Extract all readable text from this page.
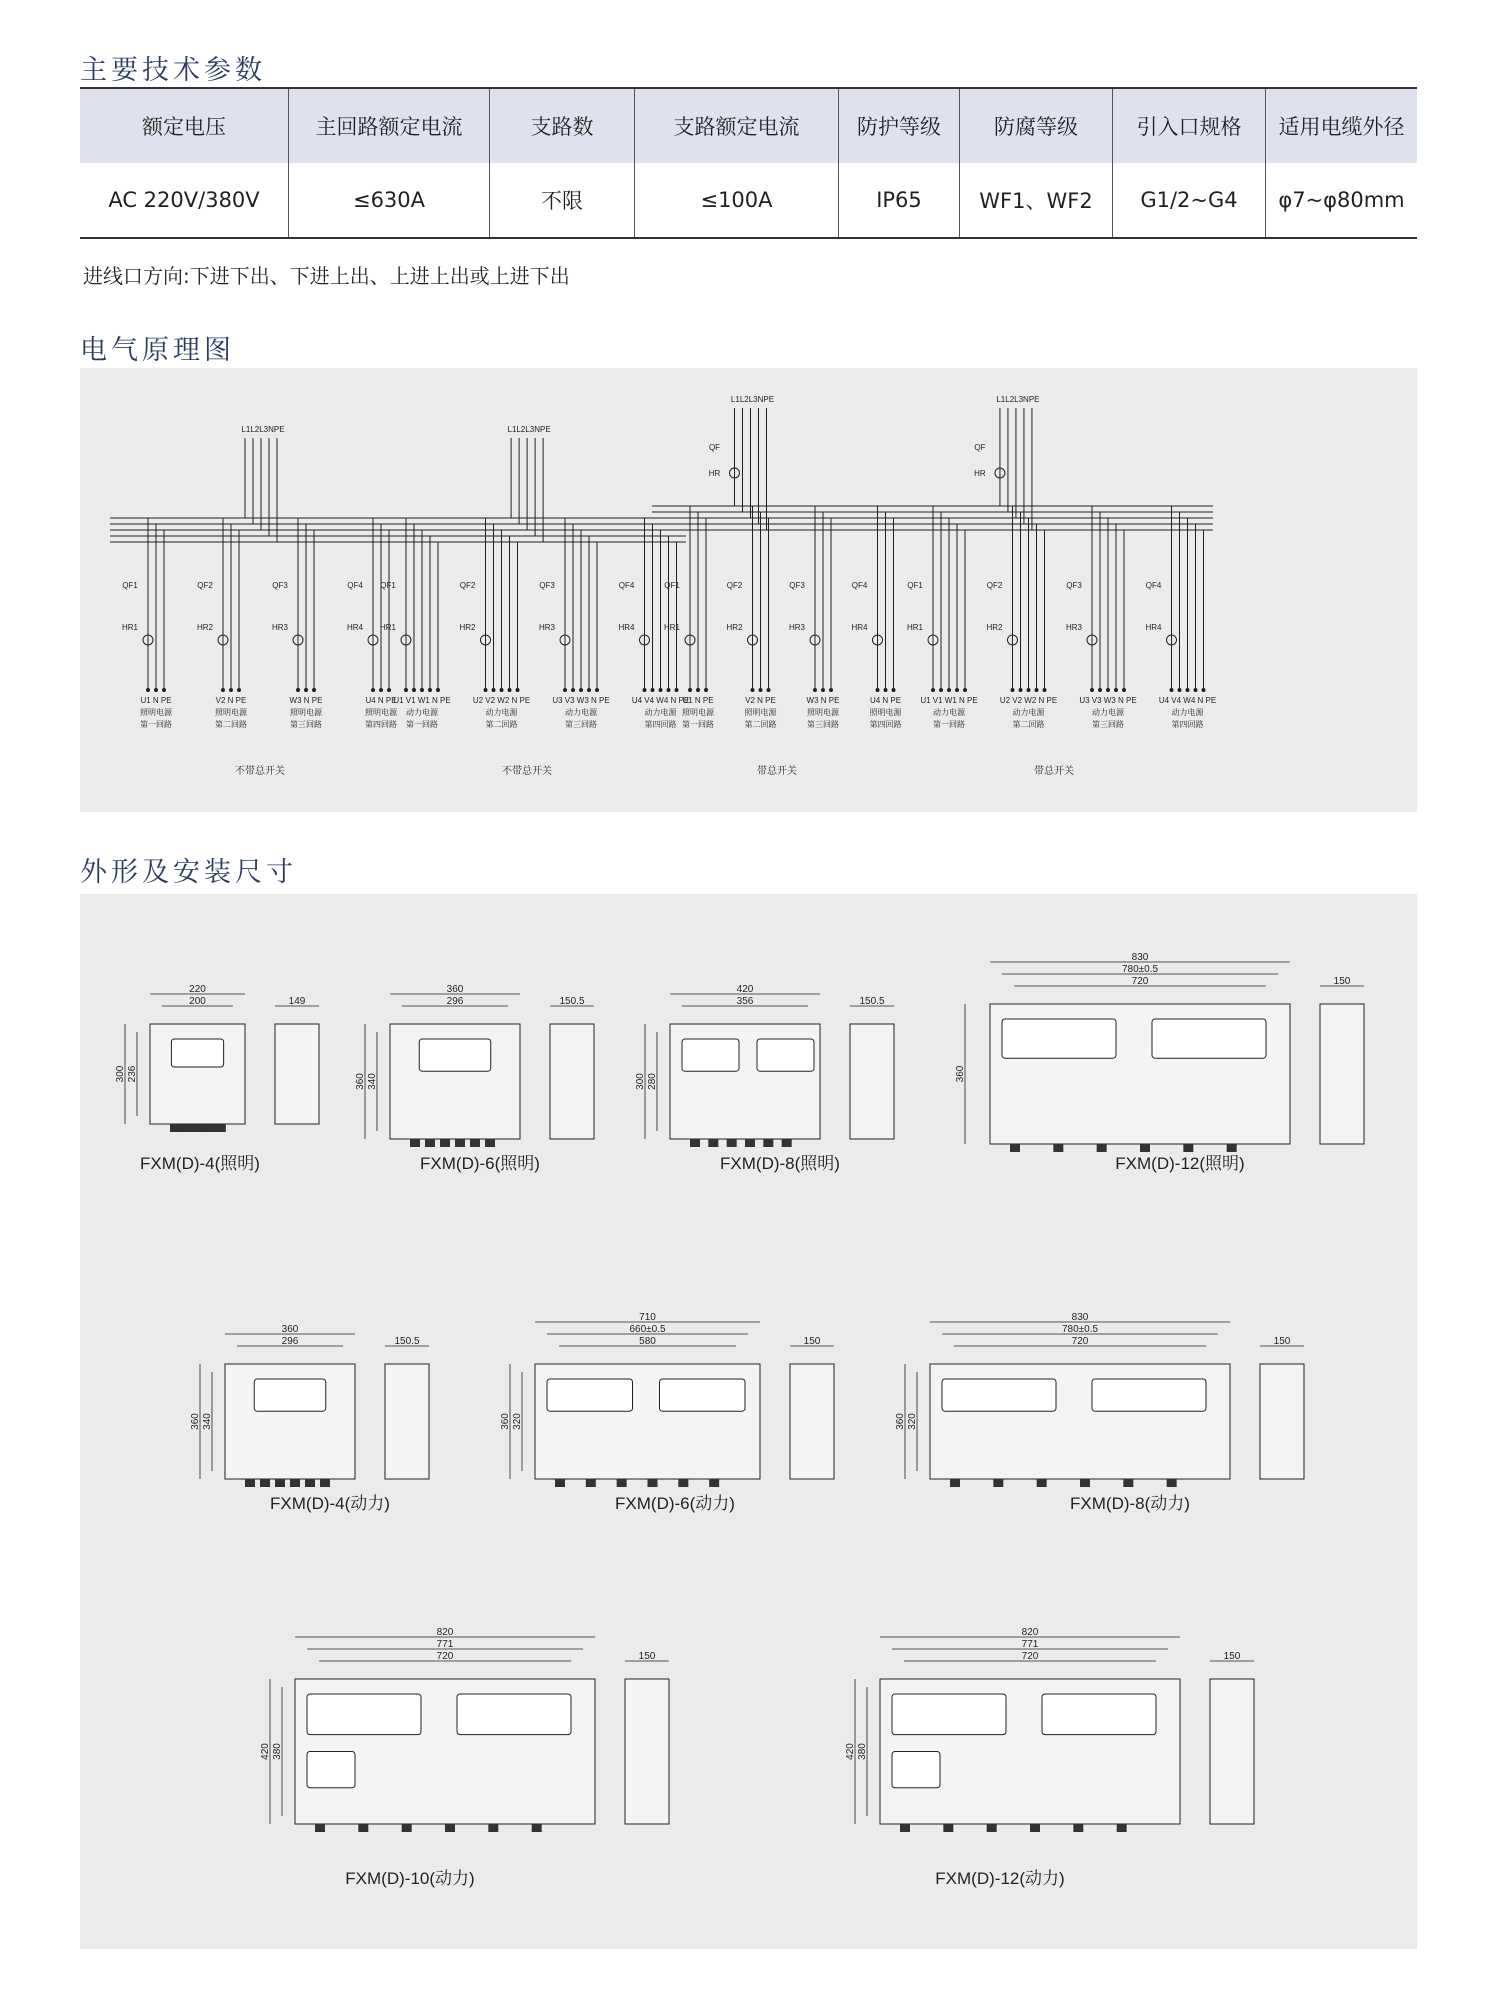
主要技术参数
额定电压	主回路额定电流	支路数	支路额定电流	防护等级	防腐等级	引入口规格	适用电缆外径
AC 220V/380V	≤630A	不限	≤100A	IP65	WF1、WF2	G1/2~G4	φ7~φ80mm
进线口方向:下进下出、下进上出、上进上出或上进下出
电气原理图
L1L2L3NPE
QF1
HR1
U1 N PE
照明电源
第一回路
QF2
HR2
V2 N PE
照明电源
第二回路
QF3
HR3
W3 N PE
照明电源
第三回路
QF4
HR4
U4 N PE
照明电源
第四回路
不带总开关
L1L2L3NPE
QF1
HR1
U1 V1 W1 N PE
动力电源
第一回路
QF2
HR2
U2 V2 W2 N PE
动力电源
第二回路
QF3
HR3
U3 V3 W3 N PE
动力电源
第三回路
QF4
HR4
U4 V4 W4 N PE
动力电源
第四回路
不带总开关
L1L2L3NPE
QF
HR
QF1
HR1
U1 N PE
照明电源
第一回路
QF2
HR2
V2 N PE
照明电源
第二回路
QF3
HR3
W3 N PE
照明电源
第三回路
QF4
HR4
U4 N PE
照明电源
第四回路
带总开关
L1L2L3NPE
QF
HR
QF1
HR1
U1 V1 W1 N PE
动力电源
第一回路
QF2
HR2
U2 V2 W2 N PE
动力电源
第二回路
QF3
HR3
U3 V3 W3 N PE
动力电源
第三回路
QF4
HR4
U4 V4 W4 N PE
动力电源
第四回路
带总开关
外形及安装尺寸
220
200
300 236
149
FXM(D)-4(照明)
360
296
360 340
150.5
FXM(D)-6(照明)
420
356
300 280
150.5
FXM(D)-8(照明)
830
780±0.5
720
360
150
FXM(D)-12(照明)
360
296
360 340
150.5
FXM(D)-4(动力)
710
660±0.5
580
360 320
150
FXM(D)-6(动力)
830
780±0.5
720
360 320
150
FXM(D)-8(动力)
820
771
720
420 380
150
FXM(D)-10(动力)
820
771
720
420 380
150
FXM(D)-12(动力)
